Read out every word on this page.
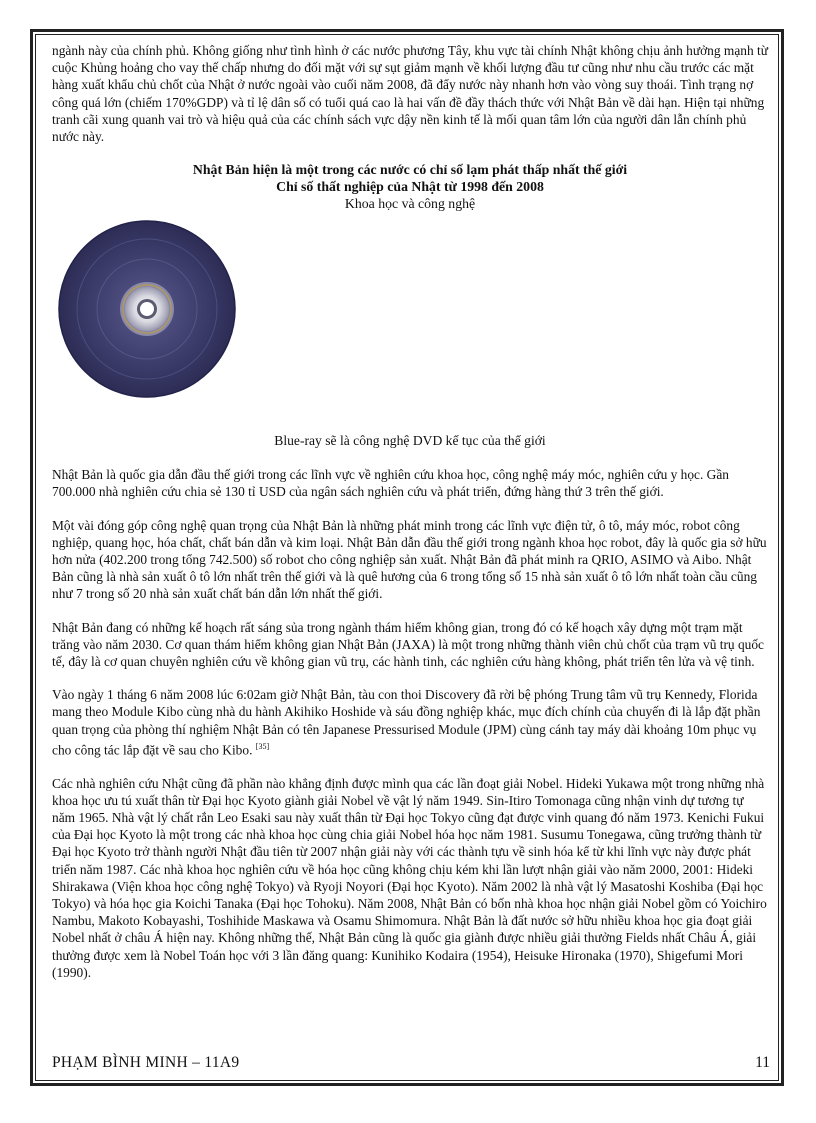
ngành này của chính phủ. Không giống như tình hình ở các nước phương Tây, khu vực tài chính Nhật không chịu ảnh hưởng mạnh từ cuộc Khủng hoảng cho vay thế chấp nhưng do đối mặt với sự sụt giảm mạnh về khối lượng đầu tư cũng như nhu cầu trước các mặt hàng xuất khẩu chủ chốt của Nhật ở nước ngoài vào cuối năm 2008, đã đẩy nước này nhanh hơn vào vòng suy thoái. Tình trạng nợ công quá lớn (chiếm 170%GDP) và tỉ lệ dân số có tuổi quá cao là hai vấn đề đầy thách thức với Nhật Bản về dài hạn. Hiện tại những tranh cãi xung quanh vai trò và hiệu quả của các chính sách vực dậy nền kinh tế là mối quan tâm lớn của người dân lẫn chính phủ nước này.

Nhật Bản hiện là một trong các nước có chỉ số lạm phát thấp nhất thế giới
Chỉ số thất nghiệp của Nhật từ 1998 đến 2008
Khoa học và công nghệ
Blue-ray sẽ là công nghệ DVD kế tục của thế giới

Nhật Bản là quốc gia dẫn đầu thế giới trong các lĩnh vực về nghiên cứu khoa học, công nghệ máy móc, nghiên cứu y học. Gần 700.000 nhà nghiên cứu chia sẻ 130 tỉ USD của ngân sách nghiên cứu và phát triển, đứng hàng thứ 3 trên thế giới.

Một vài đóng góp công nghệ quan trọng của Nhật Bản là những phát minh trong các lĩnh vực điện tử, ô tô, máy móc, robot công nghiệp, quang học, hóa chất, chất bán dẫn và kim loại. Nhật Bản dẫn đầu thế giới trong ngành khoa học robot, đây là quốc gia sở hữu hơn nửa (402.200 trong tổng 742.500) số robot cho công nghiệp sản xuất. Nhật Bản đã phát minh ra QRIO, ASIMO và Aibo. Nhật Bản cũng là nhà sản xuất ô tô lớn nhất trên thế giới và là quê hương của 6 trong tổng số 15 nhà sản xuất ô tô lớn nhất toàn cầu cũng như 7 trong số 20 nhà sản xuất chất bán dẫn lớn nhất thế giới.

Nhật Bản đang có những kế hoạch rất sáng sủa trong ngành thám hiểm không gian, trong đó có kế hoạch xây dựng một trạm mặt trăng vào năm 2030. Cơ quan thám hiểm không gian Nhật Bản (JAXA) là một trong những thành viên chủ chốt của trạm vũ trụ quốc tế, đây là cơ quan chuyên nghiên cứu về không gian vũ trụ, các hành tinh, các nghiên cứu hàng không, phát triển tên lửa và vệ tinh.

Vào ngày 1 tháng 6 năm 2008 lúc 6:02am giờ Nhật Bản, tàu con thoi Discovery đã rời bệ phóng Trung tâm vũ trụ Kennedy, Florida mang theo Module Kibo cùng nhà du hành Akihiko Hoshide và sáu đồng nghiệp khác, mục đích chính của chuyến đi là lắp đặt phần quan trọng của phòng thí nghiệm Nhật Bản có tên Japanese Pressurised Module (JPM) cùng cánh tay máy dài khoảng 10m phục vụ cho công tác lắp đặt về sau cho Kibo. [35]

Các nhà nghiên cứu Nhật cũng đã phần nào khẳng định được mình qua các lần đoạt giải Nobel. Hideki Yukawa một trong những nhà khoa học ưu tú xuất thân từ Đại học Kyoto giành giải Nobel về vật lý năm 1949. Sin-Itiro Tomonaga cũng nhận vinh dự tương tự năm 1965. Nhà vật lý chất rắn Leo Esaki sau này xuất thân từ Đại học Tokyo cũng đạt được vinh quang đó năm 1973. Kenichi Fukui của Đại học Kyoto là một trong các nhà khoa học cùng chia giải Nobel hóa học năm 1981. Susumu Tonegawa, cũng trưởng thành từ Đại học Kyoto trở thành người Nhật đầu tiên từ 2007 nhận giải này với các thành tựu về sinh hóa kể từ khi lĩnh vực này được phát triển năm 1987. Các nhà khoa học nghiên cứu về hóa học cũng không chịu kém khi lần lượt nhận giải vào năm 2000, 2001: Hideki Shirakawa (Viện khoa học công nghệ Tokyo) và Ryoji Noyori (Đại học Kyoto). Năm 2002 là nhà vật lý Masatoshi Koshiba (Đại học Tokyo) và hóa học gia Koichi Tanaka (Đại học Tohoku). Năm 2008, Nhật Bản có bốn nhà khoa học nhận giải Nobel gồm có Yoichiro Nambu, Makoto Kobayashi, Toshihide Maskawa và Osamu Shimomura. Nhật Bản là đất nước sở hữu nhiều khoa học gia đoạt giải Nobel nhất ở châu Á hiện nay. Không những thế, Nhật Bản cũng là quốc gia giành được nhiều giải thưởng Fields nhất Châu Á, giải thưởng được xem là Nobel Toán học với 3 lần đăng quang: Kunihiko Kodaira (1954), Heisuke Hironaka (1970), Shigefumi Mori (1990).

PHẠM BÌNH MINH – 11A9	11
